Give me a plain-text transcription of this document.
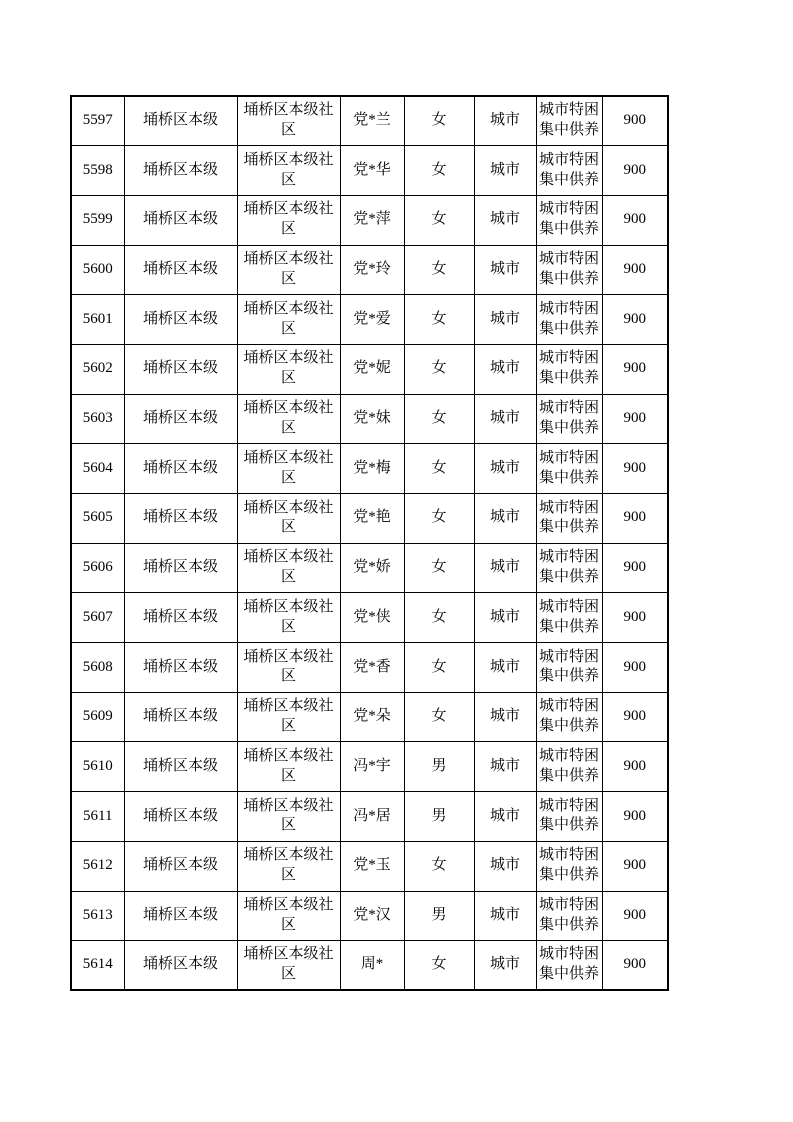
5597	埇桥区本级	埇桥区本级社区	党*兰	女	城市	城市特困集中供养	900
5598	埇桥区本级	埇桥区本级社区	党*华	女	城市	城市特困集中供养	900
5599	埇桥区本级	埇桥区本级社区	党*萍	女	城市	城市特困集中供养	900
5600	埇桥区本级	埇桥区本级社区	党*玲	女	城市	城市特困集中供养	900
5601	埇桥区本级	埇桥区本级社区	党*爱	女	城市	城市特困集中供养	900
5602	埇桥区本级	埇桥区本级社区	党*妮	女	城市	城市特困集中供养	900
5603	埇桥区本级	埇桥区本级社区	党*妹	女	城市	城市特困集中供养	900
5604	埇桥区本级	埇桥区本级社区	党*梅	女	城市	城市特困集中供养	900
5605	埇桥区本级	埇桥区本级社区	党*艳	女	城市	城市特困集中供养	900
5606	埇桥区本级	埇桥区本级社区	党*娇	女	城市	城市特困集中供养	900
5607	埇桥区本级	埇桥区本级社区	党*侠	女	城市	城市特困集中供养	900
5608	埇桥区本级	埇桥区本级社区	党*香	女	城市	城市特困集中供养	900
5609	埇桥区本级	埇桥区本级社区	党*朵	女	城市	城市特困集中供养	900
5610	埇桥区本级	埇桥区本级社区	冯*宇	男	城市	城市特困集中供养	900
5611	埇桥区本级	埇桥区本级社区	冯*居	男	城市	城市特困集中供养	900
5612	埇桥区本级	埇桥区本级社区	党*玉	女	城市	城市特困集中供养	900
5613	埇桥区本级	埇桥区本级社区	党*汉	男	城市	城市特困集中供养	900
5614	埇桥区本级	埇桥区本级社区	周*	女	城市	城市特困集中供养	900
